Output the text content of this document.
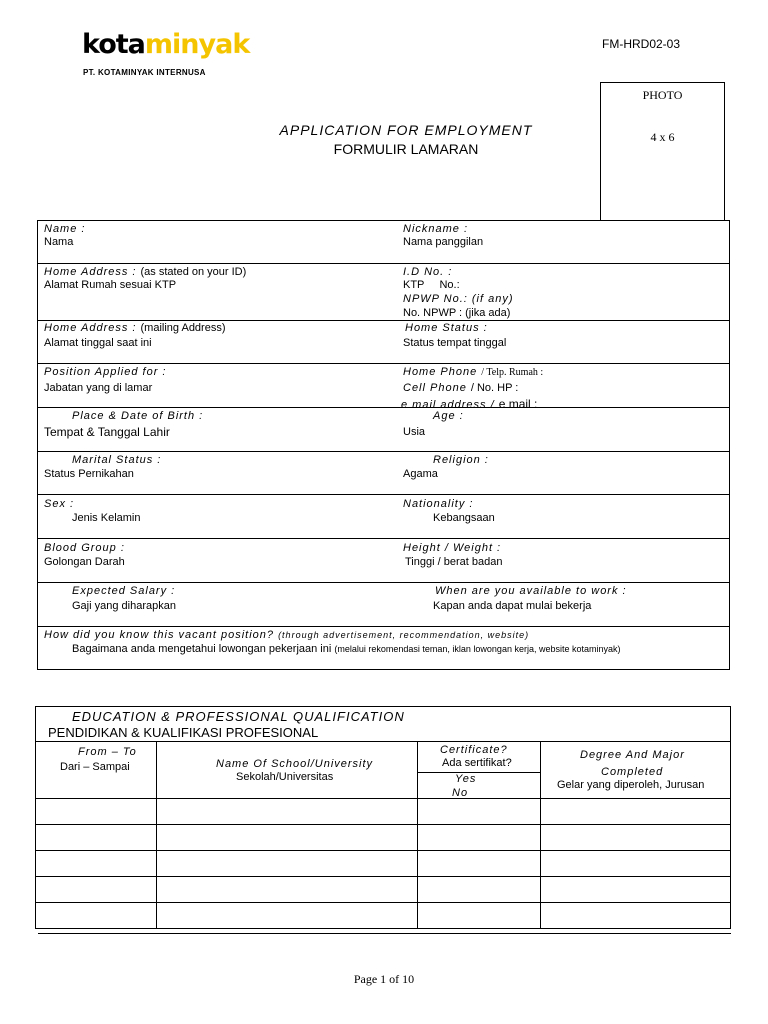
kotaminyak
PT. KOTAMINYAK INTERNUSA
FM-HRD02-03
PHOTO
4 x 6
APPLICATION FOR EMPLOYMENT
FORMULIR LAMARAN
Name :
Nama
Nickname :
Nama panggilan
Home Address : (as stated on your ID)
Alamat Rumah sesuai KTP
I.D No. :
KTP     No.:
NPWP No.: (if any)
No. NPWP : (jika ada)
Home Address : (mailing Address)
Alamat tinggal saat ini
Home Status :
Status tempat tinggal
Position Applied for :
Jabatan yang di lamar
Home Phone / Telp. Rumah :
Cell Phone / No. HP :
e mail address / e mail :
Place & Date of Birth :
Tempat & Tanggal Lahir
Age :
Usia
Marital Status :
Status Pernikahan
Religion :
Agama
Sex :
Jenis Kelamin
Nationality :
Kebangsaan
Blood Group :
Golongan Darah
Height / Weight :
Tinggi / berat badan
Expected Salary :
Gaji yang diharapkan
When are you available to work :
Kapan anda dapat mulai bekerja
How did you know this vacant position? (through advertisement, recommendation, website)
Bagaimana anda mengetahui lowongan pekerjaan ini (melalui rekomendasi teman, iklan lowongan kerja, website kotaminyak)
EDUCATION & PROFESSIONAL QUALIFICATION
PENDIDIKAN & KUALIFIKASI PROFESIONAL
From – To
Dari – Sampai	Name Of School/University
Sekolah/Universitas
Certificate?
Ada sertifikat?
Yes
No
Degree And Major
Completed
Gelar yang diperoleh, Jurusan
Page 1 of 10
